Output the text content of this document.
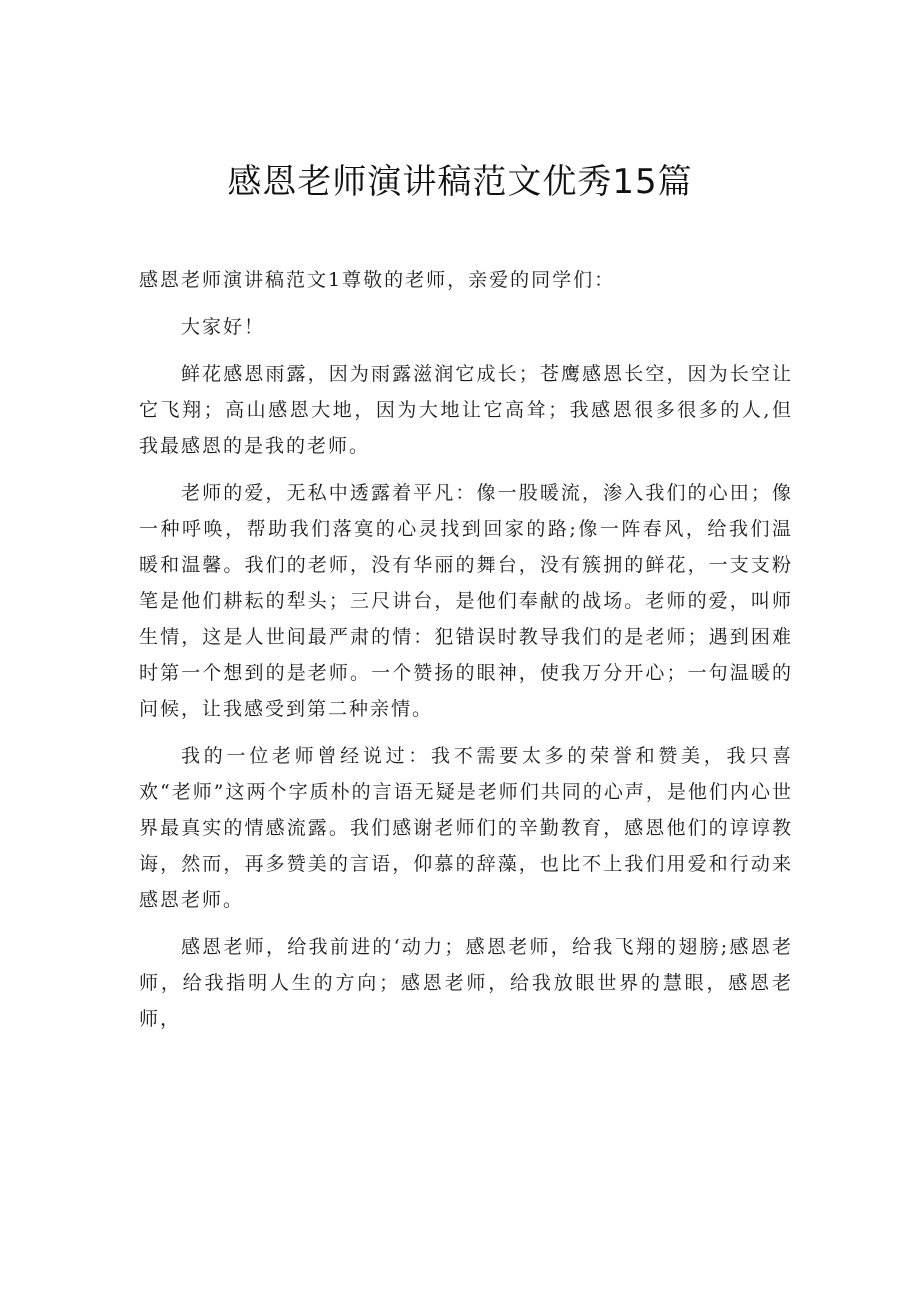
感恩老师演讲稿范文优秀15篇

感恩老师演讲稿范文1尊敬的老师，亲爱的同学们：

大家好！

鲜花感恩雨露，因为雨露滋润它成长；苍鹰感恩长空，因为长空让它飞翔；高山感恩大地，因为大地让它高耸；我感恩很多很多的人,但我最感恩的是我的老师。

老师的爱，无私中透露着平凡：像一股暖流，渗入我们的心田；像一种呼唤，帮助我们落寞的心灵找到回家的路;像一阵春风，给我们温暖和温馨。我们的老师，没有华丽的舞台，没有簇拥的鲜花，一支支粉笔是他们耕耘的犁头；三尺讲台，是他们奉献的战场。老师的爱，叫师生情，这是人世间最严肃的情：犯错误时教导我们的是老师；遇到困难时第一个想到的是老师。一个赞扬的眼神，使我万分开心；一句温暖的问候，让我感受到第二种亲情。

我的一位老师曾经说过：我不需要太多的荣誉和赞美，我只喜欢“老师”这两个字质朴的言语无疑是老师们共同的心声，是他们内心世界最真实的情感流露。我们感谢老师们的辛勤教育，感恩他们的谆谆教诲，然而，再多赞美的言语，仰慕的辞藻，也比不上我们用爱和行动来感恩老师。

感恩老师，给我前进的‘动力；感恩老师，给我飞翔的翅膀;感恩老师，给我指明人生的方向；感恩老师，给我放眼世界的慧眼，感恩老师，
